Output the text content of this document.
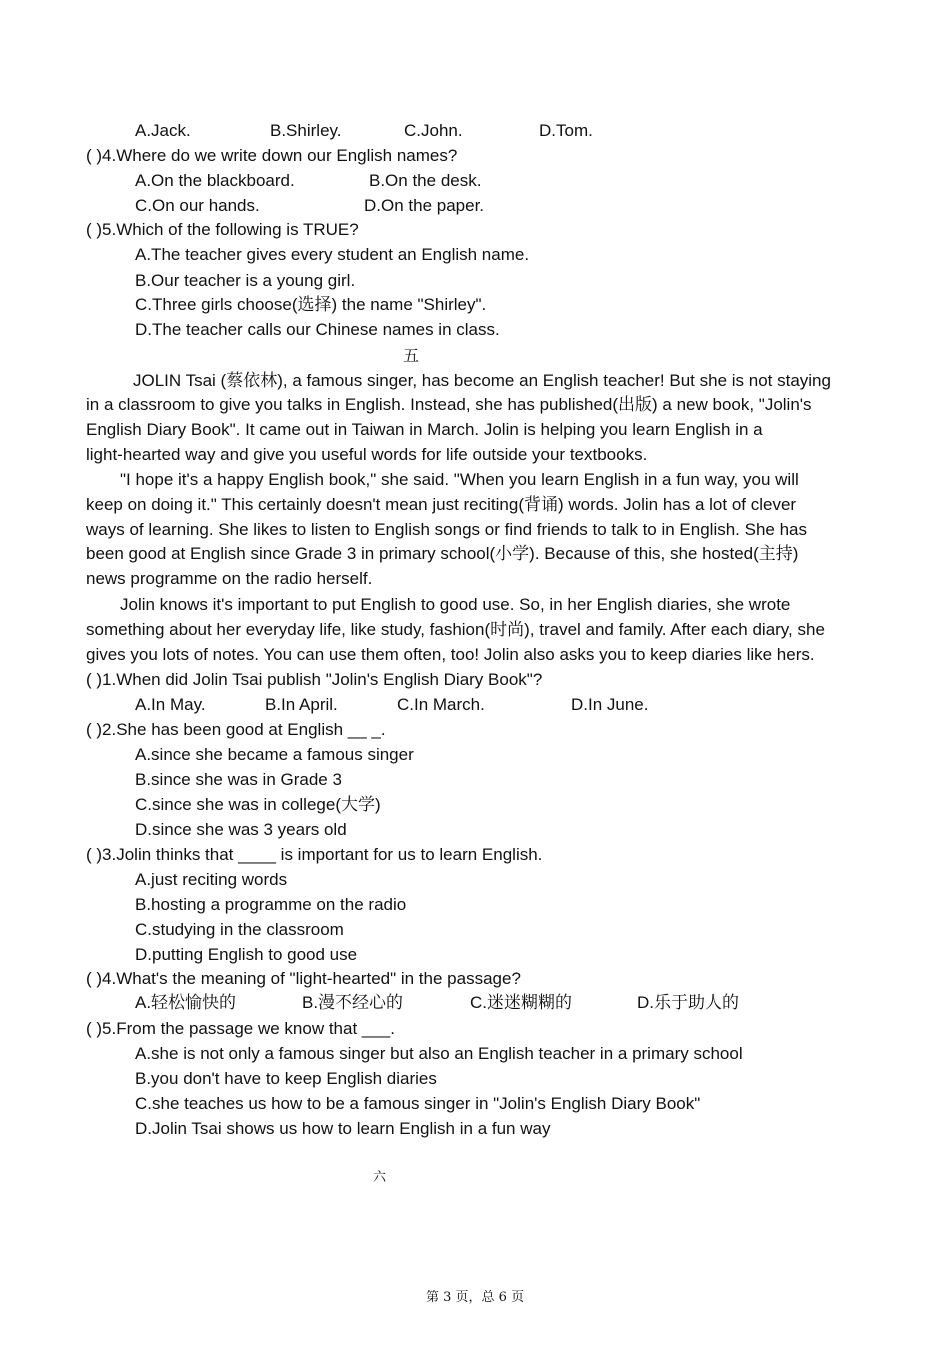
A.Jack.	B.Shirley.	C.John.	D.Tom.
( )4.Where do we write down our English names?
A.On the blackboard.	B.On the desk.
C.On our hands.	D.On the paper.
( )5.Which of the following is TRUE?
A.The teacher gives every student an English name.
B.Our teacher is a young girl.
C.Three girls choose(选择) the name "Shirley".
D.The teacher calls our Chinese names in class.
五
JOLIN Tsai (蔡依林), a famous singer, has become an English teacher! But she is not staying
in a classroom to give you talks in English. Instead, she has published(出版) a new book, "Jolin's
English Diary Book". It came out in Taiwan in March. Jolin is helping you learn English in a
light-hearted way and give you useful words for life outside your textbooks.
"I hope it's a happy English book," she said. "When you learn English in a fun way, you will
keep on doing it." This certainly doesn't mean just reciting(背诵) words. Jolin has a lot of clever
ways of learning. She likes to listen to English songs or find friends to talk to in English. She has
been good at English since Grade 3 in primary school(小学). Because of this, she hosted(主持)
news programme on the radio herself.
Jolin knows it's important to put English to good use. So, in her English diaries, she wrote
something about her everyday life, like study, fashion(时尚), travel and family. After each diary, she
gives you lots of notes. You can use them often, too! Jolin also asks you to keep diaries like hers.
( )1.When did Jolin Tsai publish "Jolin's English Diary Book"?
A.In May.	B.In April.	C.In March.	D.In June.
( )2.She has been good at English __ _.
A.since she became a famous singer
B.since she was in Grade 3
C.since she was in college(大学)
D.since she was 3 years old
( )3.Jolin thinks that ____ is important for us to learn English.
A.just reciting words
B.hosting a programme on the radio
C.studying in the classroom
D.putting English to good use
( )4.What's the meaning of "light-hearted" in the passage?
A.轻松愉快的	B.漫不经心的	C.迷迷糊糊的	D.乐于助人的
( )5.From the passage we know that ___.
A.she is not only a famous singer but also an English teacher in a primary school
B.you don't have to keep English diaries
C.she teaches us how to be a famous singer in "Jolin's English Diary Book"
D.Jolin Tsai shows us how to learn English in a fun way
六
第 3 页，总 6 页
